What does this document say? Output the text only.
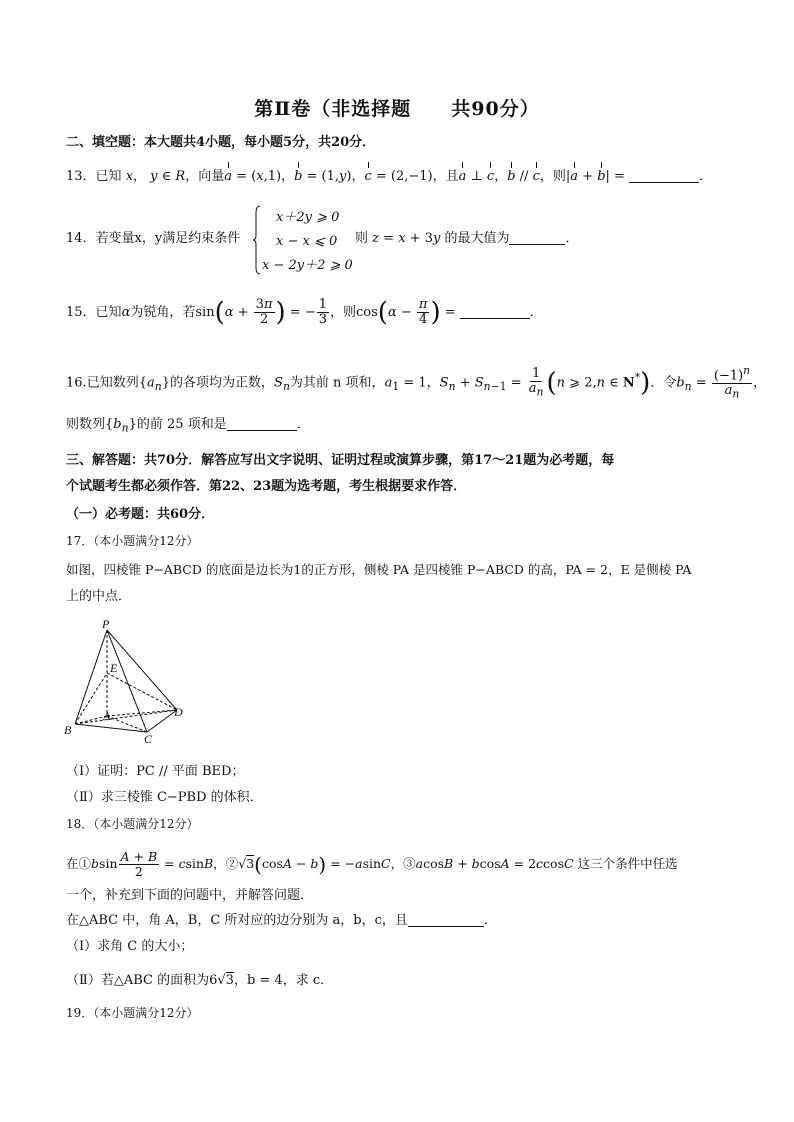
第Ⅱ卷（非选择题　　共90分）
二、填空题：本大题共4小题，每小题5分，共20分．
13．已知 x， y ∈ R，向量a = (x,1)，b = (1,y)，c = (2,−1)，且a ⊥ c，b // c，则|a + b| =	．
14．若变量x，y满足约束条件
x＋2y ⩾ 0
x − x ⩽ 0
x − 2y＋2 ⩾ 0
则 z = x + 3y 的最大值为	．
15．已知α为锐角，若$\sin(\alpha + \frac{3\pi}{2}$ ) = − $\frac{1}{3}$ ，则$\cos(\alpha - \frac{\pi}{4}$ ) =	．
16.已知数列$\{a_n\}$的各项均为正数，$S_n$为其前 n 项和，$a_1 = 1$，$S_n + S_{n-1} = \frac{1}{a_n} (n$ ⩾ 2,n ∈ N*)．令$b_n = \frac{(-1)^n}{a_n}$ ，
则数列$\{b_n\}$的前 25 项和是	．
三、解答题：共70分．解答应写出文字说明、证明过程或演算步骤，第17～21题为必考题，每
个试题考生都必须作答．第22、23题为选考题，考生根据要求作答．
（一）必考题：共60分．
17．（本小题满分12分）
如图，四棱锥 P−ABCD 的底面是边长为1的正方形，侧棱 PA 是四棱锥 P−ABCD 的高，PA = 2，E 是侧棱 PA
上的中点．
P
E
A
B
C
D
（Ⅰ）证明：PC // 平面 BED；
（Ⅱ）求三棱锥 C−PBD 的体积．
18．（本小题满分12分）
在①bsin $\frac{A + B}{2} = csinB$，②√3(cosA − b) = −asinC，③acosB + bcosA = 2ccosC 这三个条件中任选
一个，补充到下面的问题中，并解答问题．
在△ABC 中，角 A，B，C 所对应的边分别为 a，b，c，且	．
（Ⅰ）求角 C 的大小；
（Ⅱ）若△ABC 的面积为6√3，b = 4，求 c．
19．（本小题满分12分）
